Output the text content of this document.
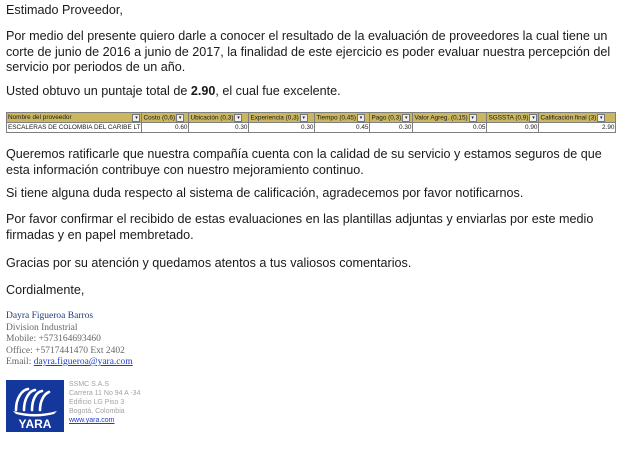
Estimado Proveedor,

Por medio del presente quiero darle a conocer el resultado de la evaluación de proveedores la cual tiene un corte de junio de 2016 a junio de 2017, la finalidad de este ejercicio es poder evaluar nuestra percepción del servicio por periodos de un año.

Usted obtuvo un puntaje total de 2.90, el cual fue excelente.

Nombre del proveedor ▾	Costo (0,6) ▾	Ubicación (0,3) ▾	Experiencia (0,3) ▾	Tiempo (0,45) ▾	Pago (0,3) ▾	Valor Agreg. (0,15) ▾	SGSSTA (0,9) ▾	Calificación final (3) ▾
ESCALERAS DE COLOMBIA DEL CARIBE LT	0.60	0.30	0.30	0.45	0.30	0.05	0.90	2.90

Queremos ratificarle que nuestra compañía cuenta con la calidad de su servicio y estamos seguros de que esta información contribuye con nuestro mejoramiento continuo.

Si tiene alguna duda respecto al sistema de calificación, agradecemos por favor notificarnos.

Por favor confirmar el recibido de estas evaluaciones en las plantillas adjuntas y enviarlas por este medio firmadas y en papel membretado.

Gracias por su atención y quedamos atentos a tus valiosos comentarios.

Cordialmente,

Dayra Figueroa Barros
Division Industrial
Mobile: +573164693460
Office: +5717441470 Ext 2402
Email: dayra.figueroa@yara.com
YARA
SSMC S.A.S
Carrera 11 No 94 A -34
Edificio LG Piso 3
Bogotá, Colombia
www.yara.com
